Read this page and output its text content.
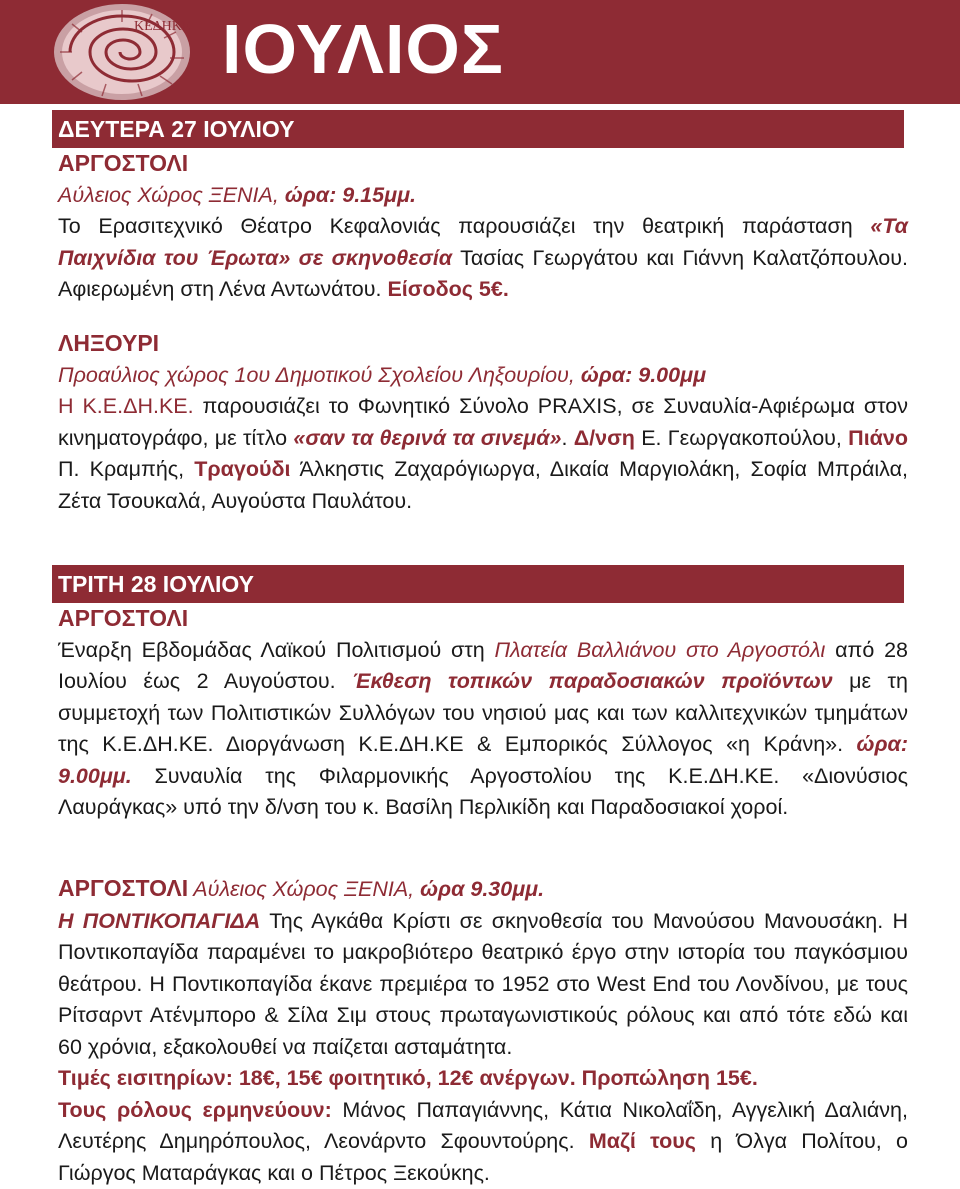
ΚΕΔΗΚΕ ΙΟΥΛΙΟΣ
ΔΕΥΤΕΡΑ 27 ΙΟΥΛΙΟΥ

ΑΡΓΟΣΤΟΛΙ

Αύλειος Χώρος ΞΕΝΙΑ, ώρα: 9.15μμ.

Το Ερασιτεχνικό Θέατρο Κεφαλονιάς παρουσιάζει την θεατρική παράσταση «Τα Παιχνίδια του Έρωτα» σε σκηνοθεσία Τασίας Γεωργάτου και Γιάννη Καλατζόπουλου. Αφιερωμένη στη Λένα Αντωνάτου. Είσοδος 5€.

ΛΗΞΟΥΡΙ

Προαύλιος χώρος 1ου Δημοτικού Σχολείου Ληξουρίου, ώρα: 9.00μμ

Η Κ.Ε.ΔΗ.ΚΕ. παρουσιάζει το Φωνητικό Σύνολο PRAXIS, σε Συναυλία-Αφιέρωμα στον κινηματογράφο, με τίτλο «σαν τα θερινά τα σινεμά». Δ/νση Ε. Γεωργακοπούλου, Πιάνο Π. Κραμπής, Τραγούδι Άλκηστις Ζαχαρόγιωργα, Δικαία Μαργιολάκη, Σοφία Μπράιλα, Ζέτα Τσουκαλά, Αυγούστα Παυλάτου.

ΤΡΙΤΗ 28 ΙΟΥΛΙΟΥ

ΑΡΓΟΣΤΟΛΙ

Έναρξη Εβδομάδας Λαϊκού Πολιτισμού στη Πλατεία Βαλλιάνου στο Αργοστόλι από 28 Ιουλίου έως 2 Αυγούστου. Έκθεση τοπικών παραδοσιακών προϊόντων με τη συμμετοχή των Πολιτιστικών Συλλόγων του νησιού μας και των καλλιτεχνικών τμημάτων της Κ.Ε.ΔΗ.ΚΕ. Διοργάνωση Κ.Ε.ΔΗ.ΚΕ & Εμπορικός Σύλλογος «η Κράνη». ώρα: 9.00μμ. Συναυλία της Φιλαρμονικής Αργοστολίου της Κ.Ε.ΔΗ.ΚΕ. «Διονύσιος Λαυράγκας» υπό την δ/νση του κ. Βασίλη Περλικίδη και Παραδοσιακοί χοροί.

ΑΡΓΟΣΤΟΛΙ Αύλειος Χώρος ΞΕΝΙΑ, ώρα 9.30μμ.

Η ΠΟΝΤΙΚΟΠΑΓΙΔΑ Της Αγκάθα Κρίστι σε σκηνοθεσία του Μανούσου Μανουσάκη. Η Ποντικοπαγίδα παραμένει το μακροβιότερο θεατρικό έργο στην ιστορία του παγκόσμιου θεάτρου. Η Ποντικοπαγίδα έκανε πρεμιέρα το 1952 στο West End του Λονδίνου, με τους Ρίτσαρντ Ατένμπορο & Σίλα Σιμ στους πρωταγωνιστικούς ρόλους και από τότε εδώ και 60 χρόνια, εξακολουθεί να παίζεται ασταμάτητα.

Τιμές εισιτηρίων: 18€, 15€ φοιτητικό, 12€ ανέργων. Προπώληση 15€.

Τους ρόλους ερμηνεύουν: Μάνος Παπαγιάννης, Κάτια Νικολαΐδη, Αγγελική Δαλιάνη, Λευτέρης Δημηρόπουλος, Λεονάρντο Σφουντούρης. Μαζί τους η Όλγα Πολίτου, ο Γιώργος Ματαράγκας και ο Πέτρος Ξεκούκης.
